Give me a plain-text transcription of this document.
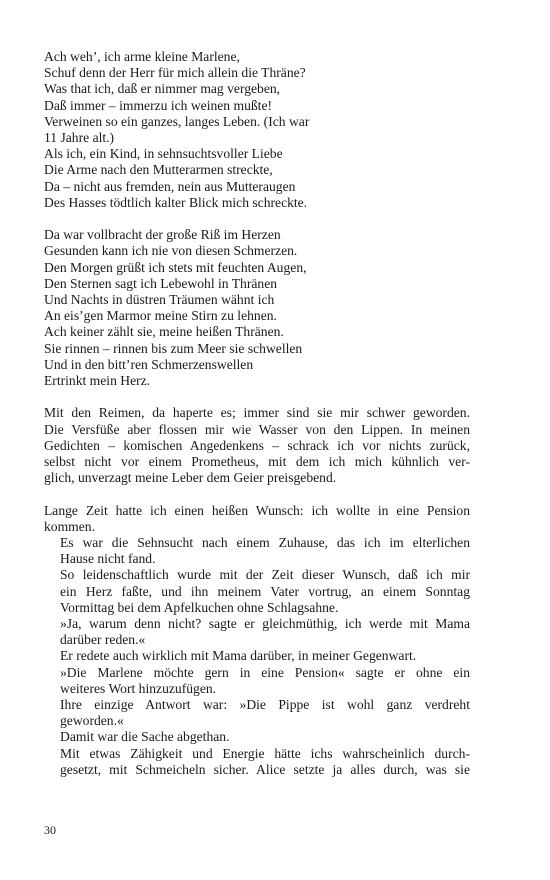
Ach weh’, ich arme kleine Marlene,
Schuf denn der Herr für mich allein die Thräne?
Was that ich, daß er nimmer mag vergeben,
Daß immer – immerzu ich weinen mußte!
Verweinen so ein ganzes, langes Leben. (Ich war
11 Jahre alt.)
Als ich, ein Kind, in sehnsuchtsvoller Liebe
Die Arme nach den Mutterarmen streckte,
Da – nicht aus fremden, nein aus Mutteraugen
Des Hasses tödtlich kalter Blick mich schreckte.
Da war vollbracht der große Riß im Herzen
Gesunden kann ich nie von diesen Schmerzen.
Den Morgen grüßt ich stets mit feuchten Augen,
Den Sternen sagt ich Lebewohl in Thränen
Und Nachts in düstren Träumen wähnt ich
An eis’gen Marmor meine Stirn zu lehnen.
Ach keiner zählt sie, meine heißen Thränen.
Sie rinnen – rinnen bis zum Meer sie schwellen
Und in den bitt’ren Schmerzenswellen
Ertrinkt mein Herz.
Mit den Reimen, da haperte es; immer sind sie mir schwer geworden.
Die Versfüße aber flossen mir wie Wasser von den Lippen. In meinen
Gedichten – komischen Angedenkens – schrack ich vor nichts zurück,
selbst nicht vor einem Prometheus, mit dem ich mich kühnlich ver-
glich, unverzagt meine Leber dem Geier preisgebend.
Lange Zeit hatte ich einen heißen Wunsch: ich wollte in eine Pension
kommen.
Es war die Sehnsucht nach einem Zuhause, das ich im elterlichen
Hause nicht fand.
So leidenschaftlich wurde mit der Zeit dieser Wunsch, daß ich mir
ein Herz faßte, und ihn meinem Vater vortrug, an einem Sonntag
Vormittag bei dem Apfelkuchen ohne Schlagsahne.
»Ja, warum denn nicht? sagte er gleichmüthig, ich werde mit Mama
darüber reden.«
Er redete auch wirklich mit Mama darüber, in meiner Gegenwart.
»Die Marlene möchte gern in eine Pension« sagte er ohne ein
weiteres Wort hinzuzufügen.
Ihre einzige Antwort war: »Die Pippe ist wohl ganz verdreht
geworden.«
Damit war die Sache abgethan.
Mit etwas Zähigkeit und Energie hätte ichs wahrscheinlich durch-
gesetzt, mit Schmeicheln sicher. Alice setzte ja alles durch, was sie
30
